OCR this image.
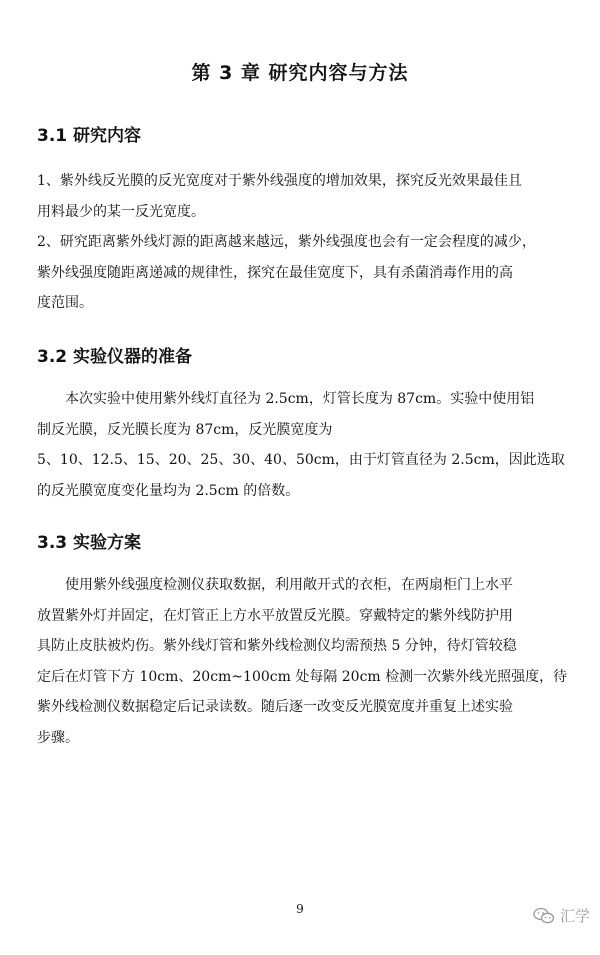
第 3 章 研究内容与方法
3.1 研究内容
1、紫外线反光膜的反光宽度对于紫外线强度的增加效果，探究反光效果最佳且
用料最少的某一反光宽度。
2、研究距离紫外线灯源的距离越来越远，紫外线强度也会有一定会程度的减少，
紫外线强度随距离递减的规律性，探究在最佳宽度下，具有杀菌消毒作用的高
度范围。
3.2 实验仪器的准备
本次实验中使用紫外线灯直径为 2.5cm，灯管长度为 87cm。实验中使用铝
制反光膜，反光膜长度为 87cm，反光膜宽度为
5、10、12.5、15、20、25、30、40、50cm，由于灯管直径为 2.5cm，因此选取
的反光膜宽度变化量均为 2.5cm 的倍数。
3.3 实验方案
使用紫外线强度检测仪获取数据，利用敞开式的衣柜，在两扇柜门上水平
放置紫外灯并固定，在灯管正上方水平放置反光膜。穿戴特定的紫外线防护用
具防止皮肤被灼伤。紫外线灯管和紫外线检测仪均需预热 5 分钟，待灯管较稳
定后在灯管下方 10cm、20cm~100cm 处每隔 20cm 检测一次紫外线光照强度，待
紫外线检测仪数据稳定后记录读数。随后逐一改变反光膜宽度并重复上述实验
步骤。

9	汇学
